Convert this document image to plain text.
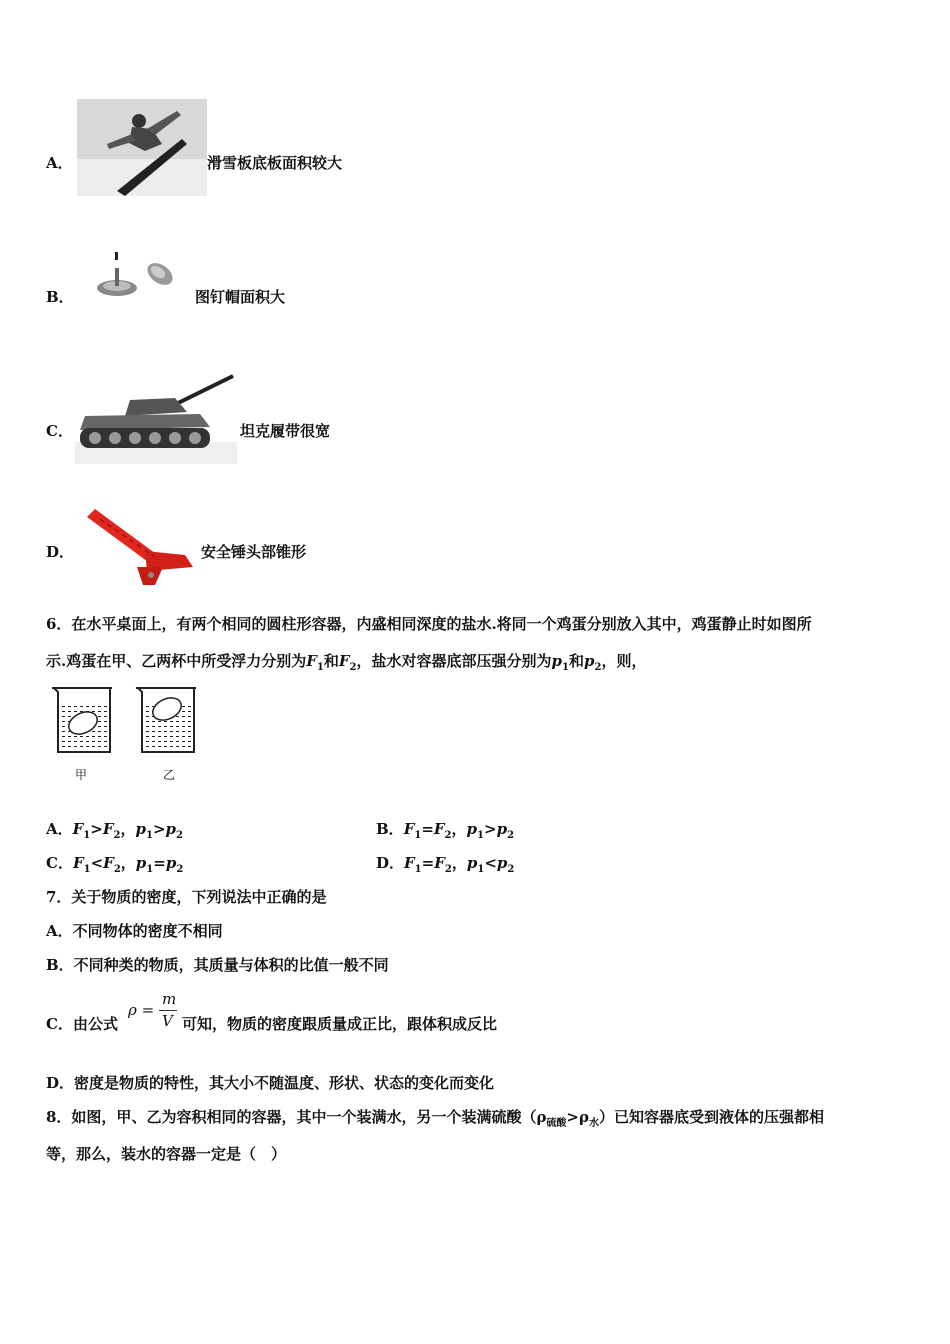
A．	滑雪板底板面积较大
B．	图钉帽面积大
C．	坦克履带很宽
D．	安全锤头部锥形
6．在水平桌面上，有两个相同的圆柱形容器，内盛相同深度的盐水.将同一个鸡蛋分别放入其中，鸡蛋静止时如图所
示.鸡蛋在甲、乙两杯中所受浮力分别为$F_1$和$F_2$，盐水对容器底部压强分别为$p_1$和$p_2$，则，
甲	乙
A．$F_1>F_2$，$p_1>p_2$	B．$F_1=F_2$，$p_1>p_2$
C．$F_1<F_2$，$p_1=p_2$	D．$F_1=F_2$，$p_1<p_2$
7．关于物质的密度，下列说法中正确的是
A．不同物体的密度不相同
B．不同种类的物质，其质量与体积的比值一般不同
C．由公式
ρ =
m
V 可知，物质的密度跟质量成正比，跟体积成反比
D．密度是物质的特性，其大小不随温度、形状、状态的变化而变化
8．如图，甲、乙为容积相同的容器，其中一个装满水，另一个装满硫酸$(\rho_{硫酸}>\rho_水)$已知容器底受到液体的压强都相
等，那么，装水的容器一定是（　）
